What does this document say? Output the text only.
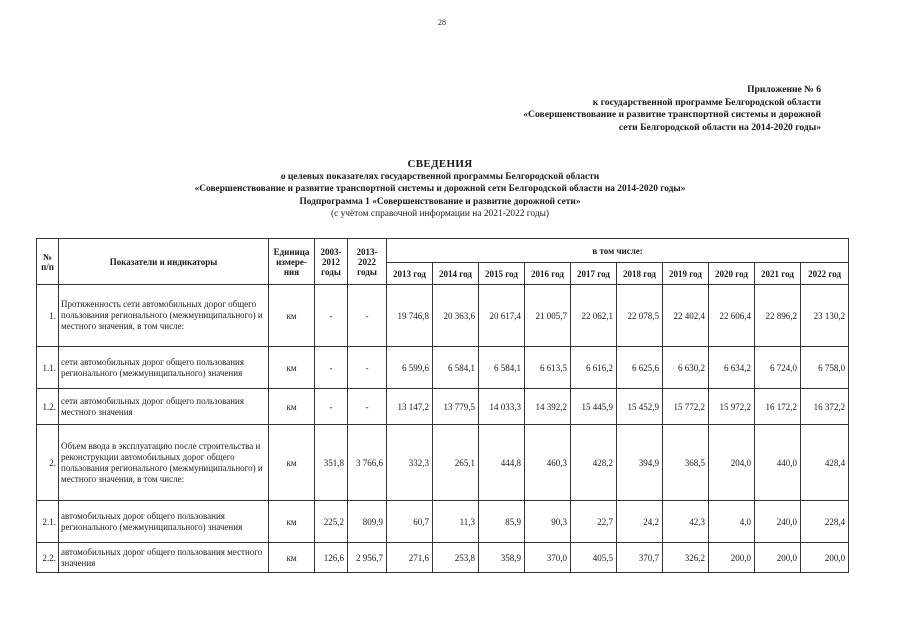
28
Приложение № 6
к государственной программе Белгородской области
«Совершенствование и развитие транспортной системы и дорожной
сети Белгородской области на 2014-2020 годы»
СВЕДЕНИЯ
о целевых показателях государственной программы Белгородской области
«Совершенствование и развитие транспортной системы и дорожной сети Белгородской области на 2014-2020 годы»
Подпрограмма 1 «Совершенствование и развитие дорожной сети»
(с учётом справочной информации на 2021-2022 годы)
№ п/п	Показатели и индикаторы	Единица измере-ния	2003-2012 годы	2013-2022 годы	в том числе:									
					2013 год	2014 год	2015 год	2016 год	2017 год	2018 год	2019 год	2020 год	2021 год	2022 год
1.	Протяженность сети автомобильных дорог общего пользования регионального (межмуниципального) и местного значения, в том числе:	км	-	-	19 746,8	20 363,6	20 617,4	21 005,7	22 062,1	22 078,5	22 402,4	22 606,4	22 896,2	23 130,2
1.1.	сети автомобильных дорог общего пользования регионального (межмуниципального) значения	км	-	-	6 599,6	6 584,1	6 584,1	6 613,5	6 616,2	6 625,6	6 630,2	6 634,2	6 724,0	6 758,0
1.2.	сети автомобильных дорог общего пользования местного значения	км	-	-	13 147,2	13 779,5	14 033,3	14 392,2	15 445,9	15 452,9	15 772,2	15 972,2	16 172,2	16 372,2
2.	Объем ввода в эксплуатацию после строительства и реконструкции автомобильных дорог общего пользования регионального (межмуниципального) и местного значения, в том числе:	км	351,8	3 766,6	332,3	265,1	444,8	460,3	428,2	394,9	368,5	204,0	440,0	428,4
2.1.	автомобильных дорог общего пользования регионального (межмуниципального) значения	км	225,2	809,9	60,7	11,3	85,9	90,3	22,7	24,2	42,3	4,0	240,0	228,4
2.2.	автомобильных дорог общего пользования местного значения	км	126,6	2 956,7	271,6	253,8	358,9	370,0	405,5	370,7	326,2	200,0	200,0	200,0
